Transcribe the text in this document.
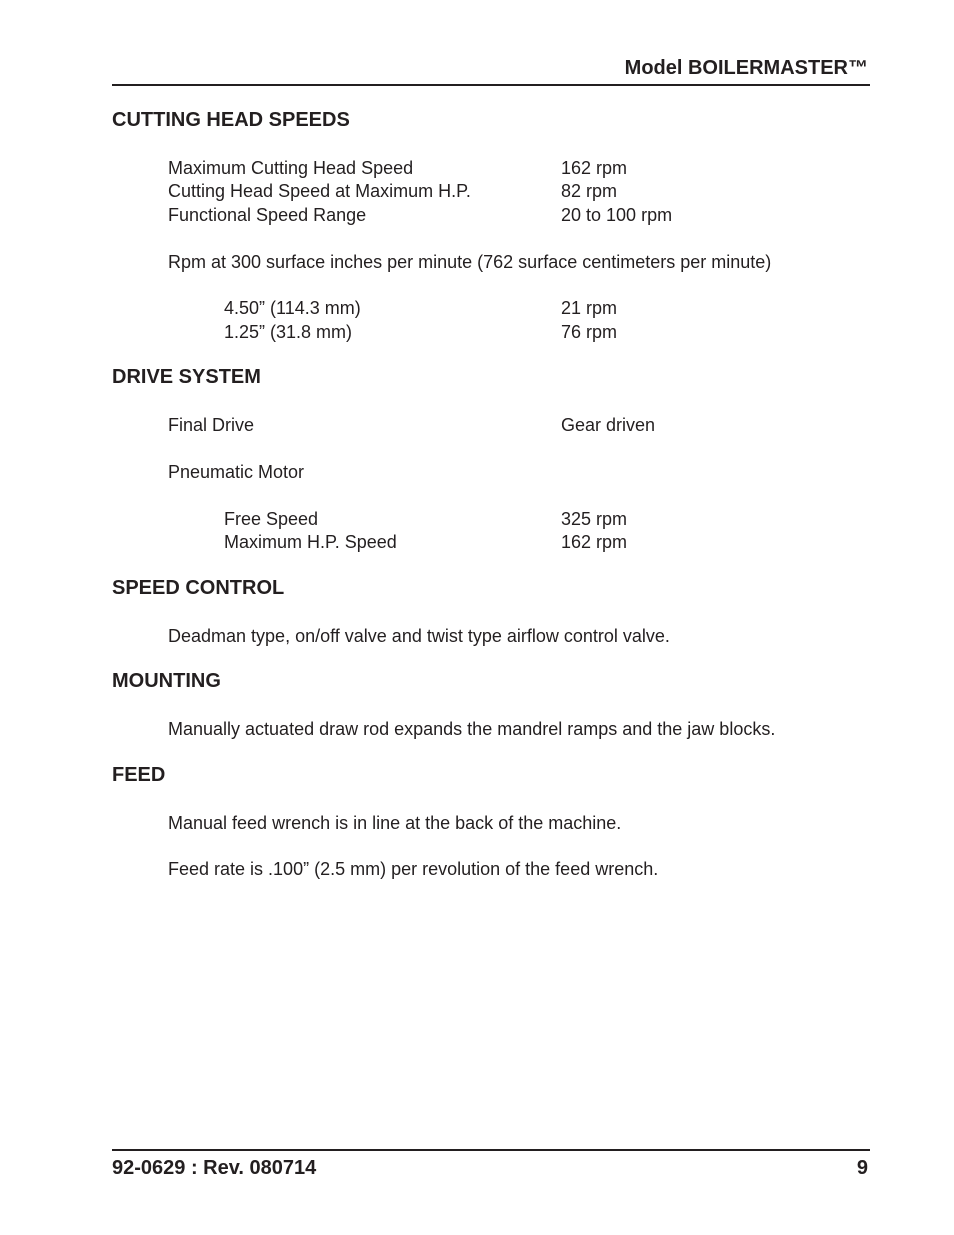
Model BOILERMASTER™
CUTTING HEAD SPEEDS
Maximum Cutting Head Speed	162 rpm
Cutting Head Speed at Maximum H.P.	82 rpm
Functional Speed Range	20 to 100 rpm
Rpm at 300 surface inches per minute (762 surface centimeters per minute)
4.50” (114.3 mm)	21 rpm
1.25” (31.8 mm)	76 rpm
DRIVE SYSTEM
Final Drive	Gear driven
Pneumatic Motor
Free Speed	325 rpm
Maximum H.P. Speed	162 rpm
SPEED CONTROL
Deadman type, on/off valve and twist type airflow control valve.
MOUNTING
Manually actuated draw rod expands the mandrel ramps and the jaw blocks.
FEED
Manual feed wrench is in line at the back of the machine.
Feed rate is .100” (2.5 mm) per revolution of the feed wrench.
92-0629 : Rev. 080714	9
